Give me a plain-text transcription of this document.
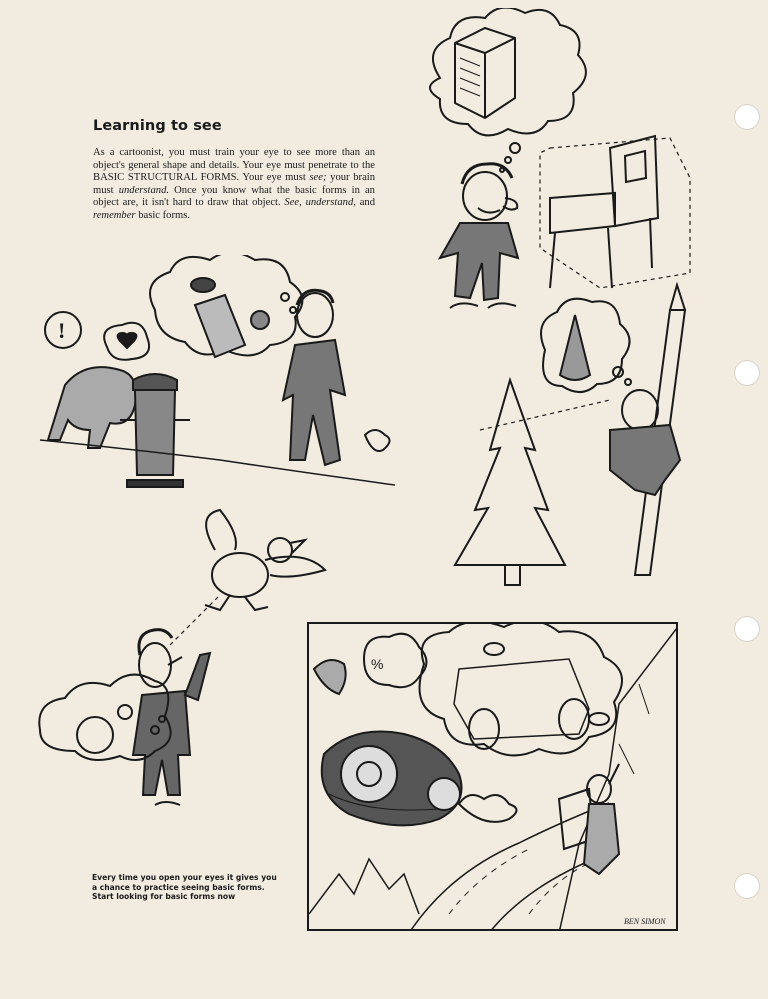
Learning to see
As a cartoonist, you must train your eye to see more than an object's general shape and details. Your eye must penetrate to the BASIC STRUCTURAL FORMS. Your eye must see; your brain must understand. Once you know what the basic forms in an object are, it isn't hard to draw that object. See, understand, and remember basic forms.
!
%
BEN SIMON
Every time you open your eyes it gives you
a chance to practice seeing basic forms.
Start looking for basic forms now
